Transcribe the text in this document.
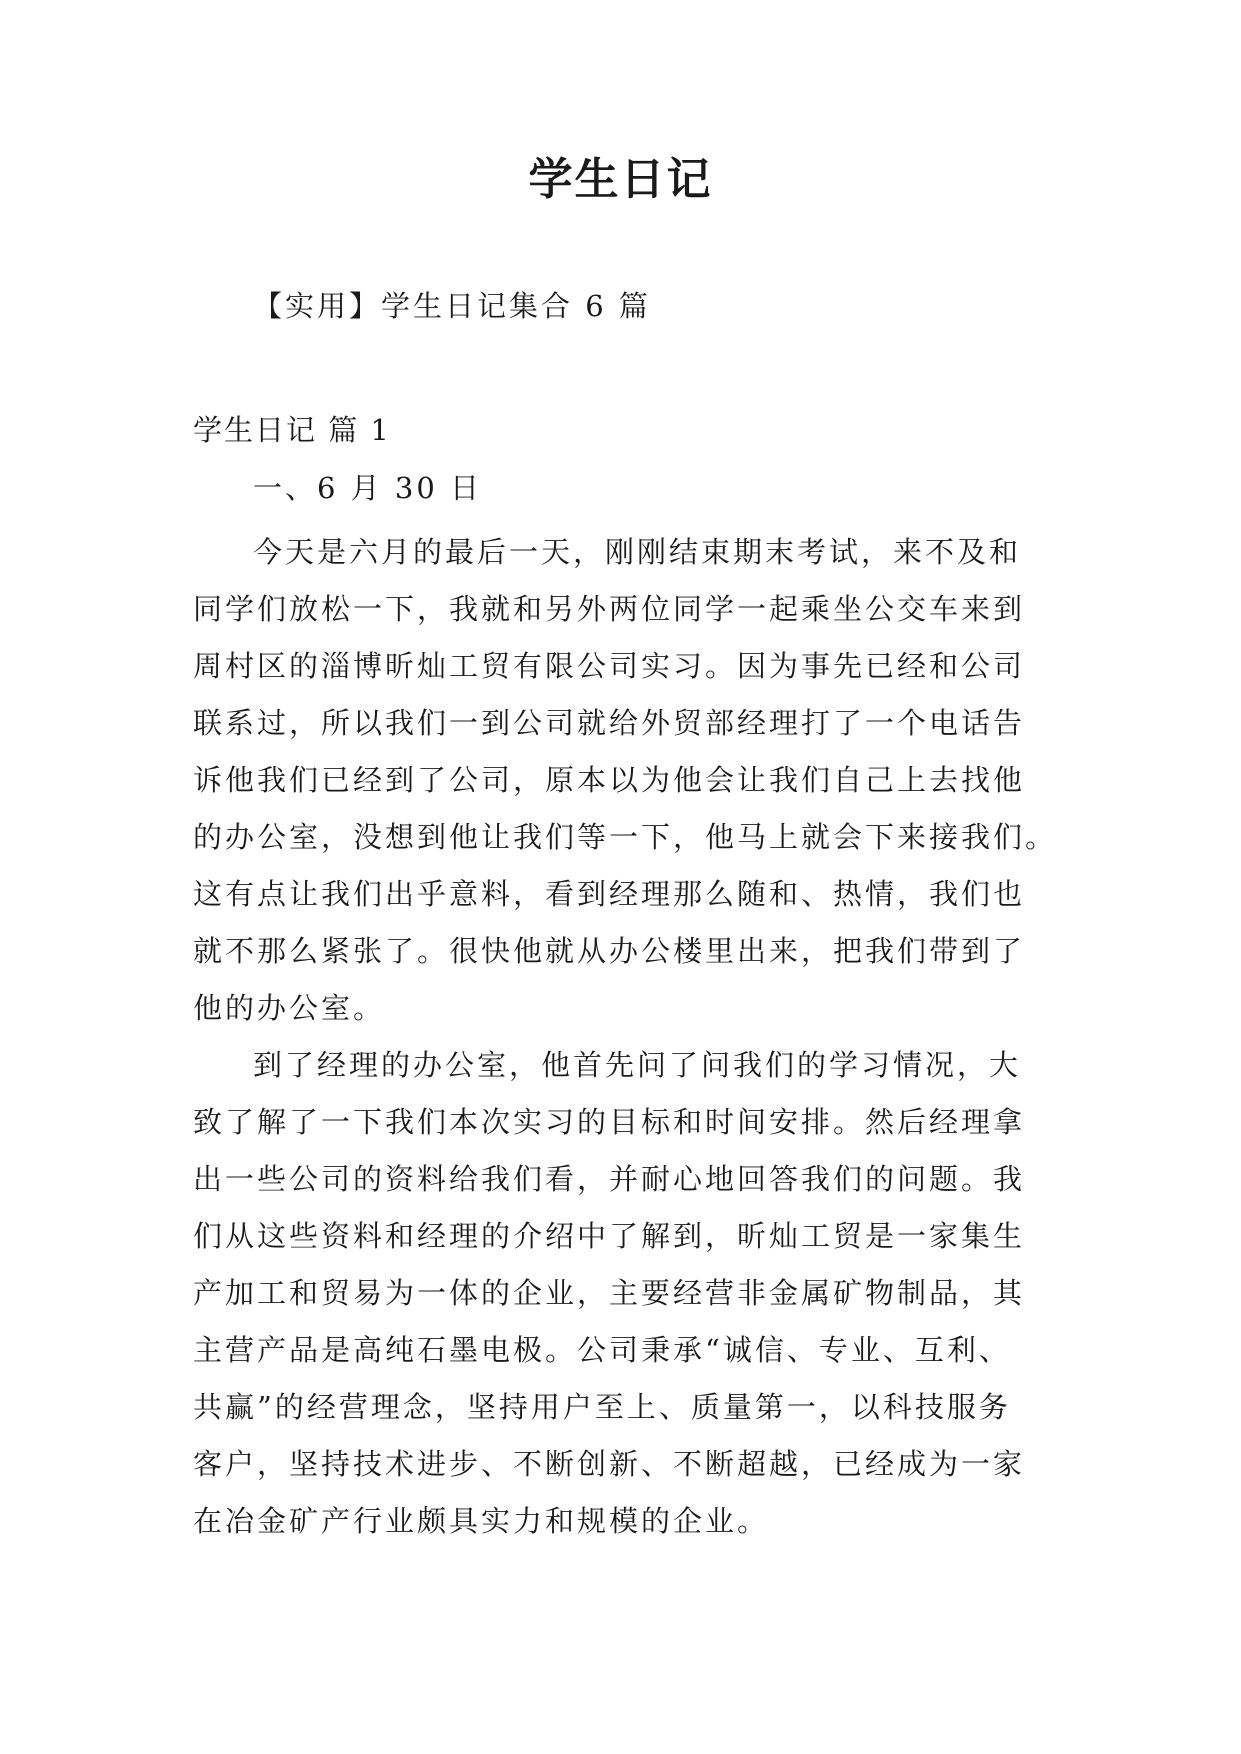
学生日记
【实用】学生日记集合 6 篇
学生日记 篇 1
一、6 月 30 日
今天是六月的最后一天，刚刚结束期末考试，来不及和
同学们放松一下，我就和另外两位同学一起乘坐公交车来到
周村区的淄博昕灿工贸有限公司实习。因为事先已经和公司
联系过，所以我们一到公司就给外贸部经理打了一个电话告
诉他我们已经到了公司，原本以为他会让我们自己上去找他
的办公室，没想到他让我们等一下，他马上就会下来接我们。
这有点让我们出乎意料，看到经理那么随和、热情，我们也
就不那么紧张了。很快他就从办公楼里出来，把我们带到了
他的办公室。
到了经理的办公室，他首先问了问我们的学习情况，大
致了解了一下我们本次实习的目标和时间安排。然后经理拿
出一些公司的资料给我们看，并耐心地回答我们的问题。我
们从这些资料和经理的介绍中了解到，昕灿工贸是一家集生
产加工和贸易为一体的企业，主要经营非金属矿物制品，其
主营产品是高纯石墨电极。公司秉承“诚信、专业、互利、
共赢”的经营理念，坚持用户至上、质量第一，以科技服务
客户，坚持技术进步、不断创新、不断超越，已经成为一家
在冶金矿产行业颇具实力和规模的企业。
